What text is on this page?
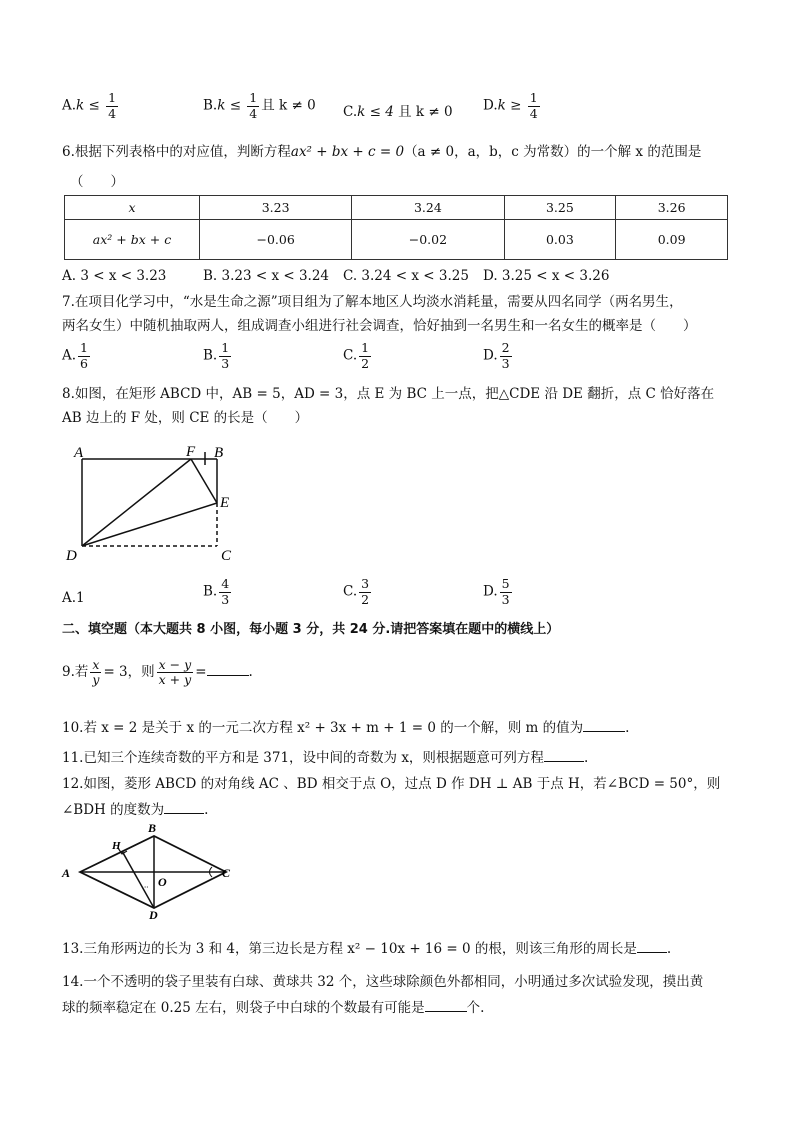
$A.k \le \frac{1}{4}$	$B.k \le \frac{1}{4}$ 且 k ≠ 0 C.k ≤ 4 且 k ≠ 0 $D.k \ge \frac{1}{4}$
6.根据下列表格中的对应值，判断方程ax² + bx + c = 0（a ≠ 0，a，b，c 为常数）的一个解 x 的范围是
（　　）
x	3.23	3.24	3.25	3.26
ax² + bx + c	−0.06	−0.02	0.03	0.09
A. 3 < x < 3.23	B. 3.23 < x < 3.24 C. 3.24 < x < 3.25 D. 3.25 < x < 3.26
7.在项目化学习中，“水是生命之源”项目组为了解本地区人均淡水消耗量，需要从四名同学（两名男生，
两名女生）中随机抽取两人，组成调查小组进行社会调查，恰好抽到一名男生和一名女生的概率是（　　）
A. $\frac{1}{6}$	B. $\frac{1}{3}$	C. $\frac{1}{2}$	D. $\frac{2}{3}$
8.如图，在矩形 ABCD 中，AB = 5，AD = 3，点 E 为 BC 上一点，把△CDE 沿 DE 翻折，点 C 恰好落在
AB 边上的 F 处，则 CE 的长是（　　）
A	F B
E
D	C
A.1	B. $\frac{4}{3}$	C. $\frac{3}{2}$	D. $\frac{5}{3}$
二、填空题（本大题共 8 小图，每小题 3 分，共 24 分.请把答案填在题中的横线上）
9.若 $\frac{x}{y} = 3$，则 $\frac{x - y}{x + y}$ =	.
10.若 x = 2 是关于 x 的一元二次方程 x² + 3x + m + 1 = 0 的一个解，则 m 的值为	.
11.已知三个连续奇数的平方和是 371，设中间的奇数为 x，则根据题意可列方程	.
12.如图，菱形 ABCD 的对角线 AC 、BD 相交于点 O，过点 D 作 DH ⊥ AB 于点 H，若∠BCD = 50°，则
∠BDH 的度数为	.
∙∙
A
B
C
D
H
O
13.三角形两边的长为 3 和 4，第三边长是方程 x² − 10x + 16 = 0 的根，则该三角形的周长是 .
14.一个不透明的袋子里装有白球、黄球共 32 个，这些球除颜色外都相同，小明通过多次试验发现，摸出黄
球的频率稳定在 0.25 左右，则袋子中白球的个数最有可能是	个.
